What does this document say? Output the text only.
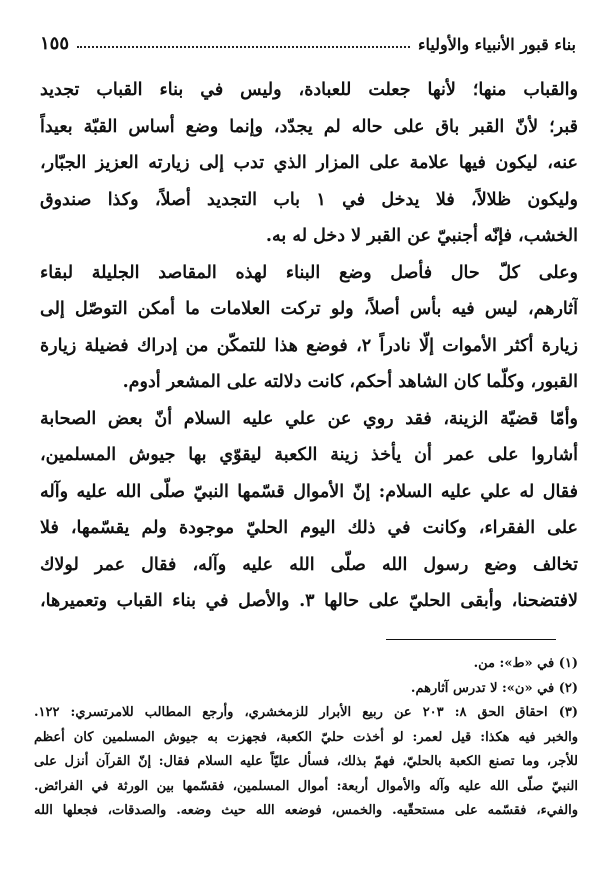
بناء قبور الأنبياء والأولياء
١٥٥
والقباب منها؛ لأنها جعلت للعبادة، وليس في بناء القباب تجديد
قبر؛ لأنّ القبر باق على حاله لم يجدّد، وإنما وضع أساس القبّة بعيداً
عنه، ليكون فيها علامة على المزار الذي تدب إلى زيارته العزيز الجبّار،
وليكون ظلالاً، فلا يدخل في ١ باب التجديد أصلاً، وكذا صندوق
الخشب، فإنّه أجنبيّ عن القبر لا دخل له به.
وعلى كلّ حال فأصل وضع البناء لهذه المقاصد الجليلة لبقاء
آثارهم، ليس فيه بأس أصلاً، ولو تركت العلامات ما أمكن التوصّل إلى
زيارة أكثر الأموات إلّا نادراً ٢، فوضع هذا للتمكّن من إدراك فضيلة زيارة
القبور، وكلّما كان الشاهد أحكم، كانت دلالته على المشعر أدوم.
وأمّا قضيّة الزينة، فقد روي عن علي عليه السلام أنّ بعض الصحابة
أشاروا على عمر أن يأخذ زينة الكعبة ليقوّي بها جيوش المسلمين،
فقال له علي عليه السلام: إنّ الأموال قسّمها النبيّ صلّى الله عليه وآله
على الفقراء، وكانت في ذلك اليوم الحليّ موجودة ولم يقسّمها، فلا
تخالف وضع رسول الله صلّى الله عليه وآله، فقال عمر لولاك
لافتضحنا، وأبقى الحليّ على حالها ٣. والأصل في بناء القباب وتعميرها،
(١) في «ط»: من.
(٢) في «ن»: لا تدرس آثارهم.
(٣) احقاق الحق ٨: ٢٠٣ عن ربيع الأبرار للزمخشري، وأرجع المطالب للامرتسري: ١٢٢.
والخبر فيه هكذا: قيل لعمر: لو أخذت حليّ الكعبة، فجهزت به جيوش المسلمين كان أعظم
للأجر، وما تصنع الكعبة بالحليّ، فهمّ بذلك، فسأل عليّاً عليه السلام فقال: إنّ القرآن أنزل على
النبيّ صلّى الله عليه وآله والأموال أربعة: أموال المسلمين، فقسّمها بين الورثة في الفرائض.
والفيء، فقسّمه على مستحقّيه. والخمس، فوضعه الله حيث وضعه. والصدقات، فجعلها الله
